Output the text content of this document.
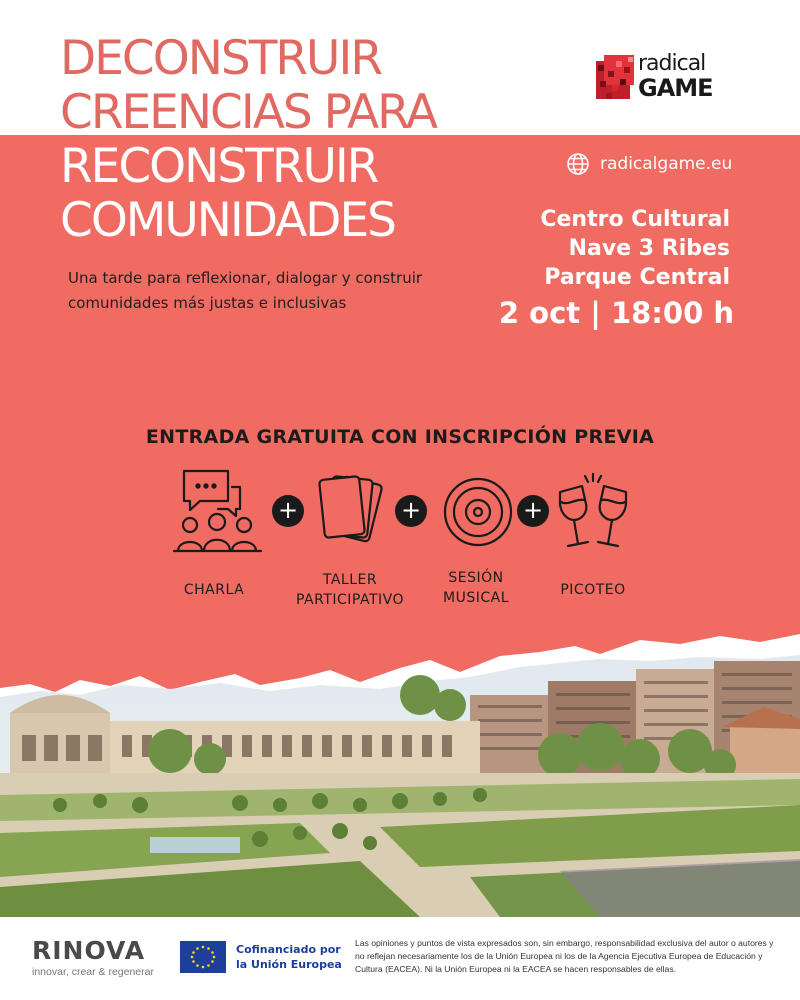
DECONSTRUIR
CREENCIAS PARA
RECONSTRUIR
COMUNIDADES
radical
GAME
radicalgame.eu
Centro Cultural
Nave 3 Ribes
Parque Central
2 oct | 18:00 h

Una tarde para reflexionar, dialogar y construir comunidades más justas e inclusivas

ENTRADA GRATUITA CON INSCRIPCIÓN PREVIA
+	+	+
CHARLA
TALLER
PARTICIPATIVO
SESIÓN
MUSICAL	PICOTEO
RINOVA
innovar, crear & regenerar
Cofinanciado por
la Unión Europea
Las opiniones y puntos de vista expresados son, sin embargo, responsabilidad exclusiva del autor o autores y no reflejan necesariamente los de la Unión Europea ni los de la Agencia Ejecutiva Europea de Educación y Cultura (EACEA). Ni la Unión Europea ni la EACEA se hacen responsables de ellas.
